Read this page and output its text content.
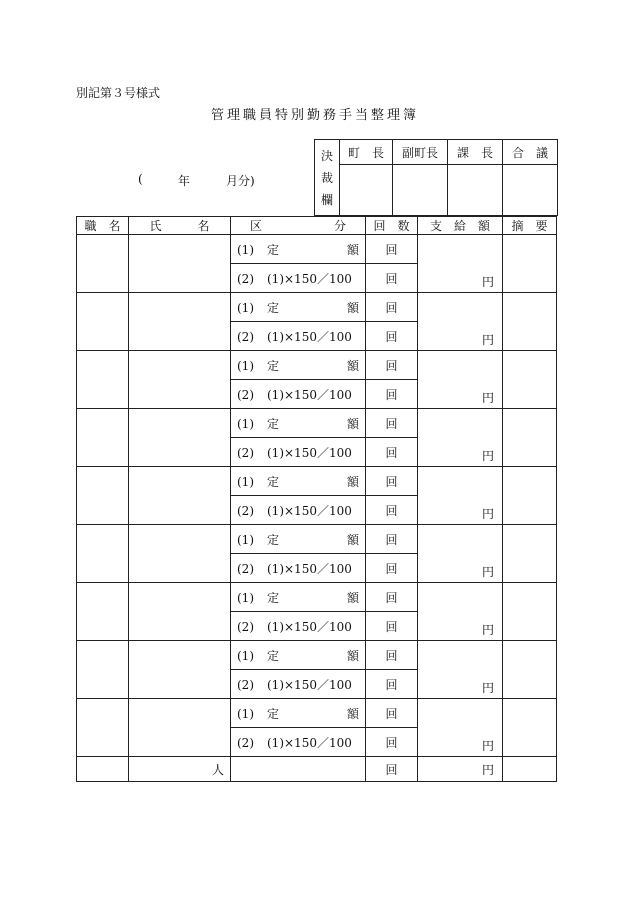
別記第３号様式
管理職員特別勤務手当整理簿
(	年	月分)
決
裁
欄	町　長	副町長	課　長	合　議

職　名	氏　　　名	区　　　　　　分	回　数	支　給　額	摘　要
		(1) 定 額	回	円	
		(2) (1)×150／100	回		
		(1) 定 額	回	円	
		(2) (1)×150／100	回		
		(1) 定 額	回	円	
		(2) (1)×150／100	回		
		(1) 定 額	回	円	
		(2) (1)×150／100	回		
		(1) 定 額	回	円	
		(2) (1)×150／100	回		
		(1) 定 額	回	円	
		(2) (1)×150／100	回		
		(1) 定 額	回	円	
		(2) (1)×150／100	回		
		(1) 定 額	回	円	
		(2) (1)×150／100	回		
		(1) 定 額	回	円	
		(2) (1)×150／100	回		
	人		回	円	
